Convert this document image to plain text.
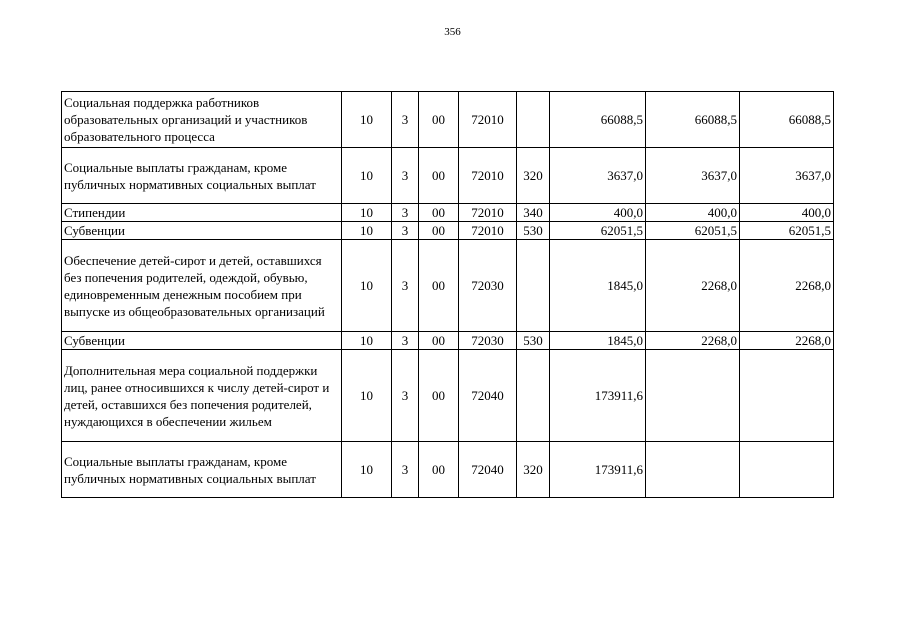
356
Социальная поддержка работников образовательных организаций и участников образовательного процесса	10	3	00	72010		66088,5	66088,5	66088,5
Социальные выплаты гражданам, кроме публичных нормативных социальных выплат	10	3	00	72010	320	3637,0	3637,0	3637,0
Стипендии	10	3	00	72010	340	400,0	400,0	400,0
Субвенции	10	3	00	72010	530	62051,5	62051,5	62051,5
Обеспечение детей-сирот и детей, оставшихся без попечения родителей, одеждой, обувью, единовременным денежным пособием при выпуске из общеобразовательных организаций	10	3	00	72030		1845,0	2268,0	2268,0
Субвенции	10	3	00	72030	530	1845,0	2268,0	2268,0
Дополнительная мера социальной поддержки лиц, ранее относившихся к числу детей-сирот и детей, оставшихся без попечения родителей, нуждающихся в обеспечении жильем	10	3	00	72040		173911,6		
Социальные выплаты гражданам, кроме публичных нормативных социальных выплат	10	3	00	72040	320	173911,6		
